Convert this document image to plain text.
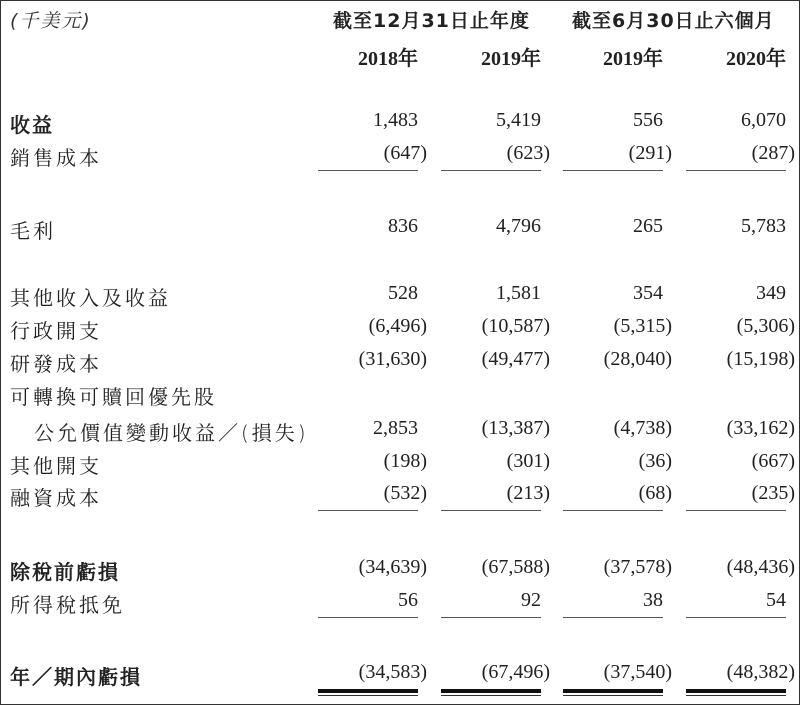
(千美元)	截至12月31日止年度 截至6月30日止六個月
2018年	2019年	2019年	2020年
收益	1,483	5,419	556	6,070
銷售成本	(647)	(623)	(291)	(287)
毛利	836	4,796	265	5,783
其他收入及收益	528	1,581	354	349
行政開支	(6,496)	(10,587)	(5,315)	(5,306)
研發成本	(31,630)	(49,477)	(28,040)	(15,198)
可轉換可贖回優先股
公允價值變動收益／(損失)	2,853	(13,387)	(4,738)	(33,162)
其他開支	(198)	(301)	(36)	(667)
融資成本	(532)	(213)	(68)	(235)
除稅前虧損	(34,639)	(67,588)	(37,578)	(48,436)
所得稅抵免	56	92	38	54
年／期內虧損	(34,583)	(67,496)	(37,540)	(48,382)
